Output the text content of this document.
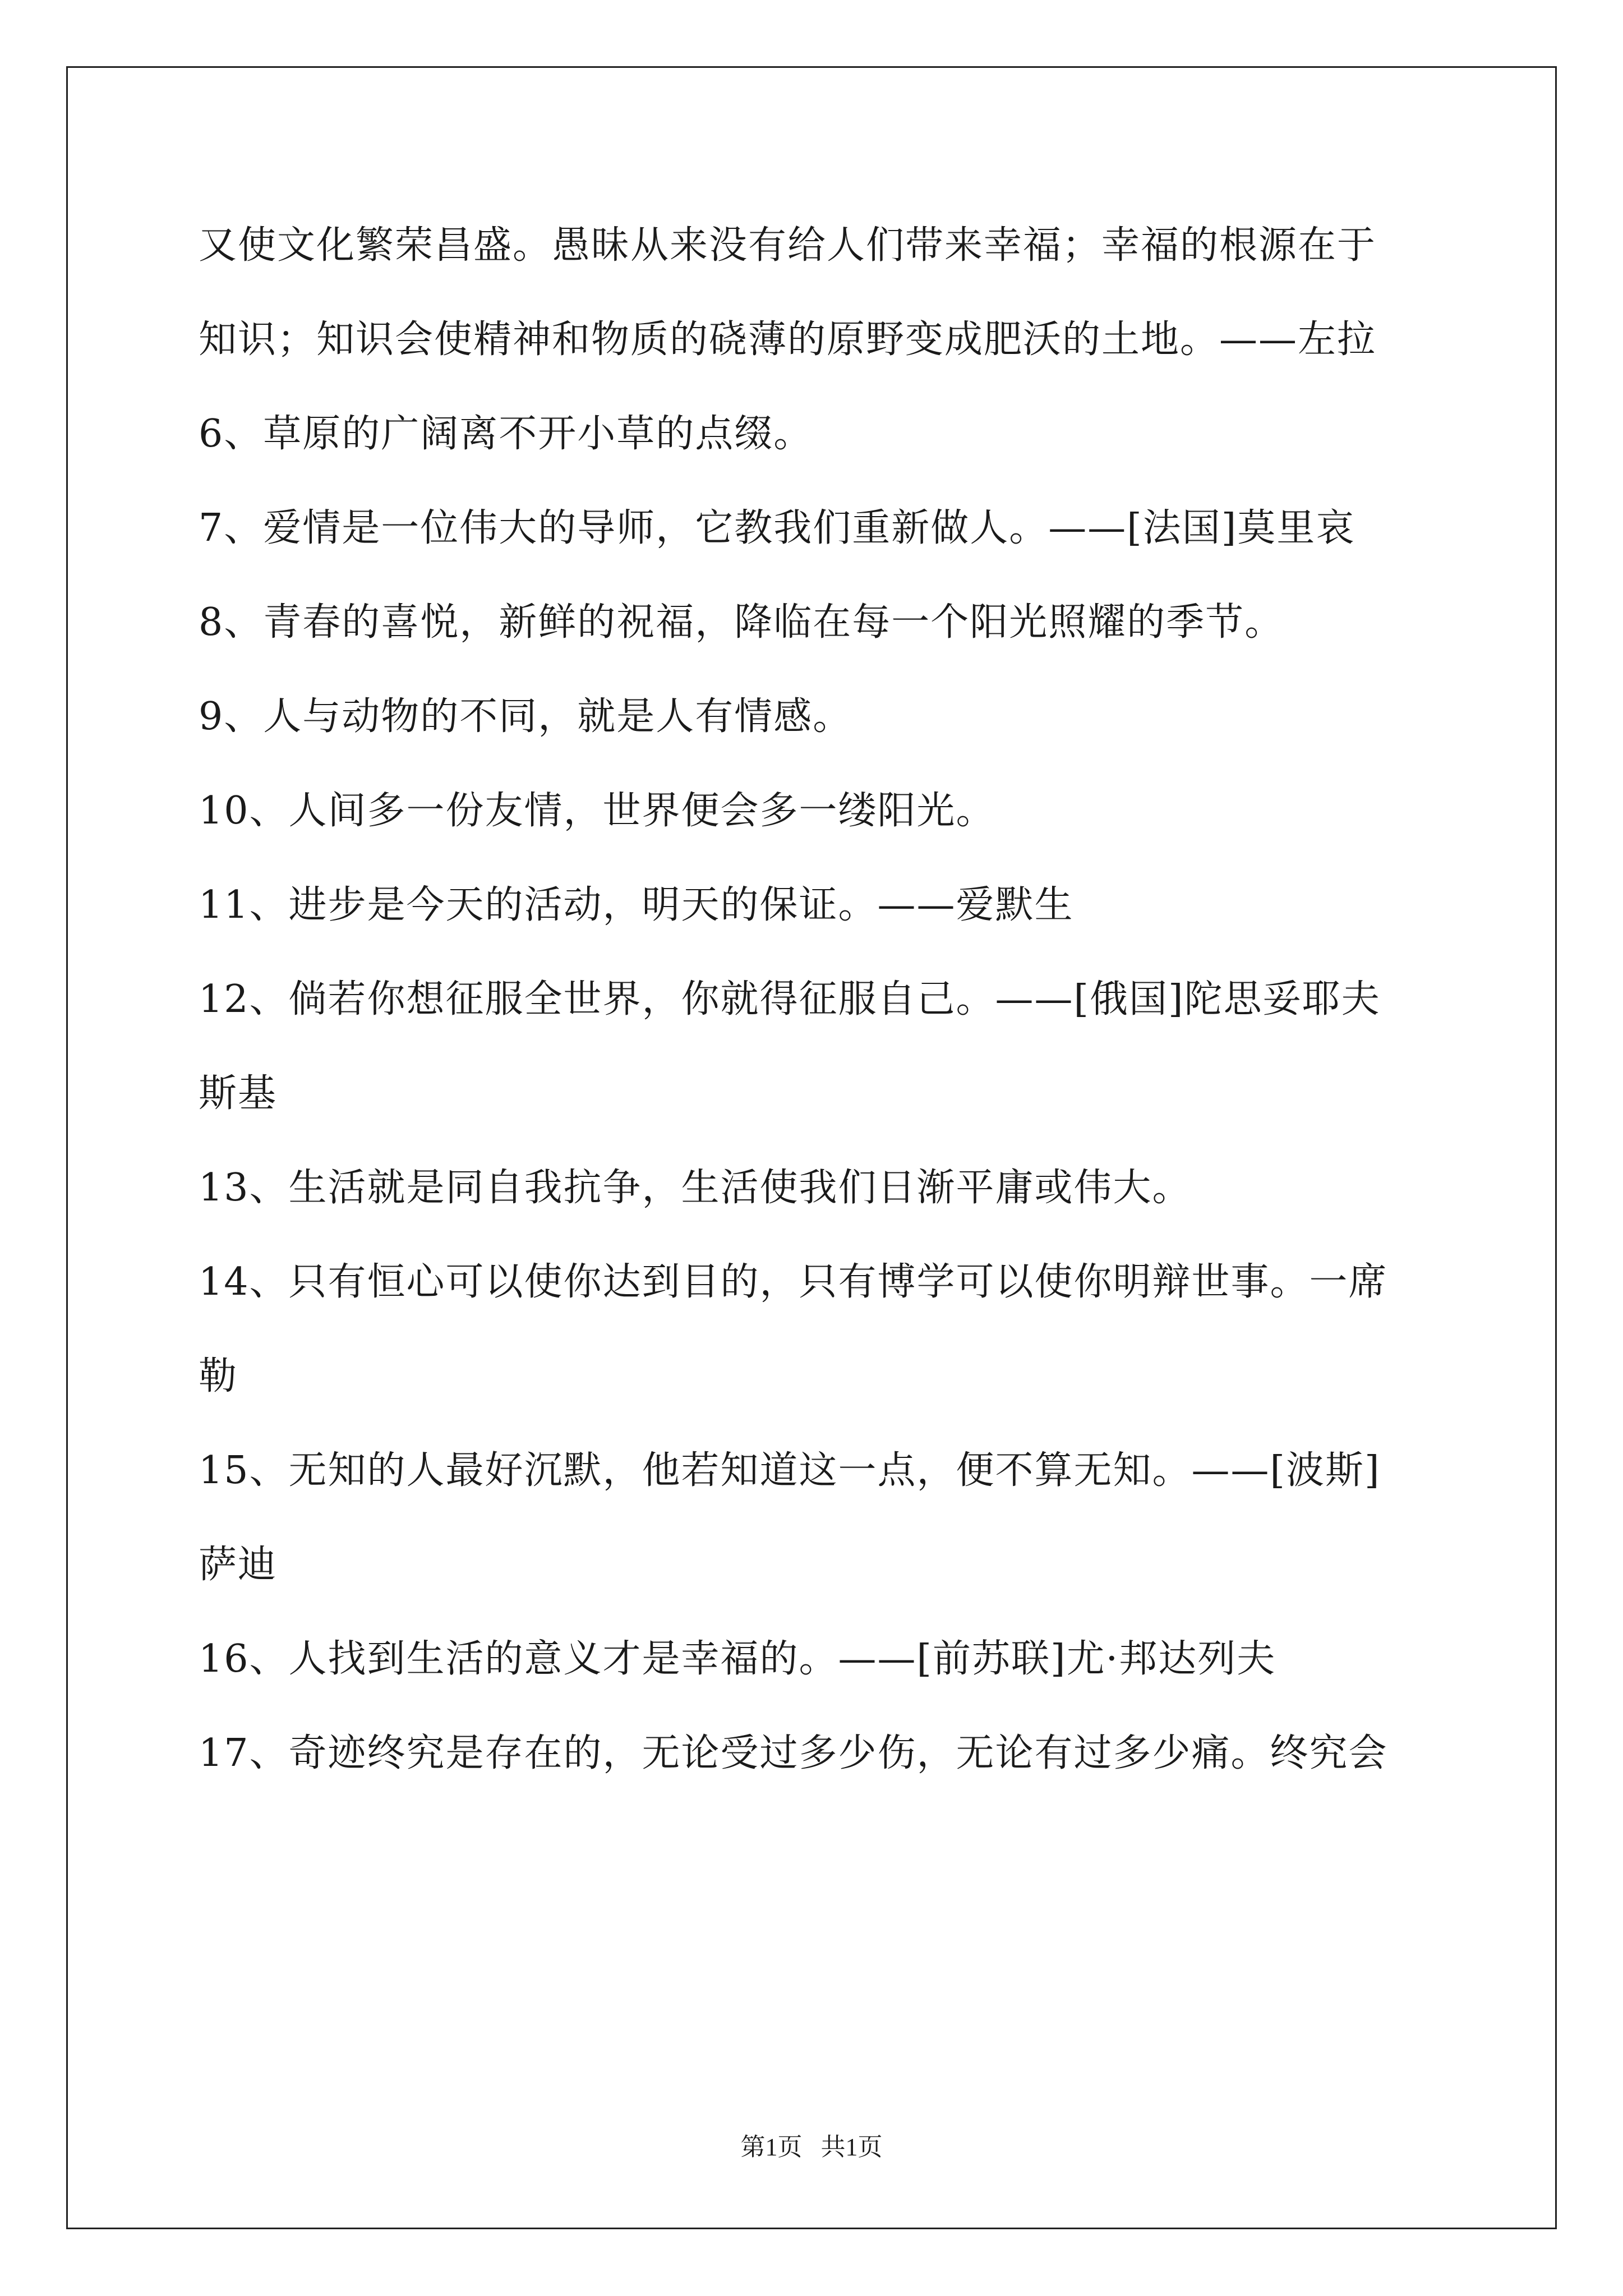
又使文化繁荣昌盛。愚昧从来没有给人们带来幸福；幸福的根源在于
知识；知识会使精神和物质的硗薄的原野变成肥沃的土地。——左拉
6、草原的广阔离不开小草的点缀。
7、爱情是一位伟大的导师，它教我们重新做人。——[法国]莫里哀
8、青春的喜悦，新鲜的祝福，降临在每一个阳光照耀的季节。
9、人与动物的不同，就是人有情感。
10、人间多一份友情，世界便会多一缕阳光。
11、进步是今天的活动，明天的保证。——爱默生
12、倘若你想征服全世界，你就得征服自己。——[俄国]陀思妥耶夫
斯基
13、生活就是同自我抗争，生活使我们日渐平庸或伟大。
14、只有恒心可以使你达到目的，只有博学可以使你明辩世事。一席
勒
15、无知的人最好沉默，他若知道这一点，便不算无知。——[波斯]
萨迪
16、人找到生活的意义才是幸福的。——[前苏联]尤·邦达列夫
17、奇迹终究是存在的，无论受过多少伤，无论有过多少痛。终究会
第1页   共1页
